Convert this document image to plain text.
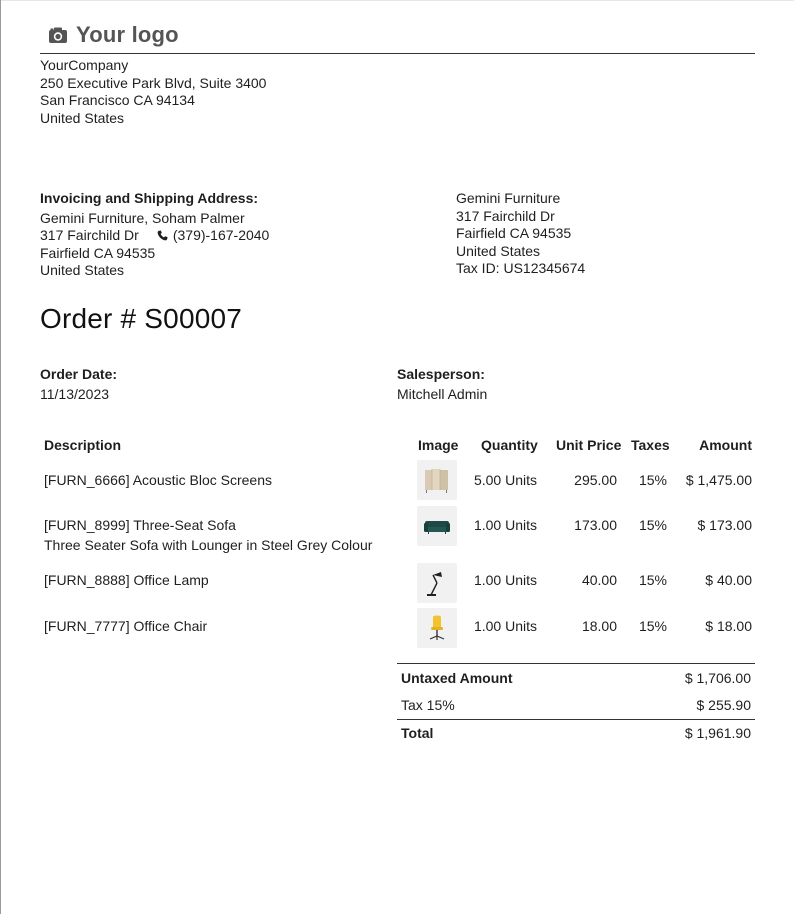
Your logo
YourCompany
250 Executive Park Blvd, Suite 3400
San Francisco CA 94134
United States
Invoicing and Shipping Address:
Gemini Furniture, Soham Palmer
317 Fairchild Dr (379)-167-2040
Fairfield CA 94535
United States
Gemini Furniture
317 Fairchild Dr
Fairfield CA 94535
United States
Tax ID: US12345674
Order # S00007
Order Date:
11/13/2023
Salesperson:
Mitchell Admin
Description	Image Quantity Unit Price Taxes Amount
[FURN_6666] Acoustic Bloc Screens	5.00 Units	295.00 15% $ 1,475.00
[FURN_8999] Three-Seat Sofa
Three Seater Sofa with Lounger in Steel Grey Colour
1.00 Units	173.00 15% $ 173.00
[FURN_8888] Office Lamp	1.00 Units	40.00 15%	$ 40.00
[FURN_7777] Office Chair	1.00 Units	18.00 15%	$ 18.00
Untaxed Amount	$ 1,706.00
Tax 15%	$ 255.90
Total	$ 1,961.90
